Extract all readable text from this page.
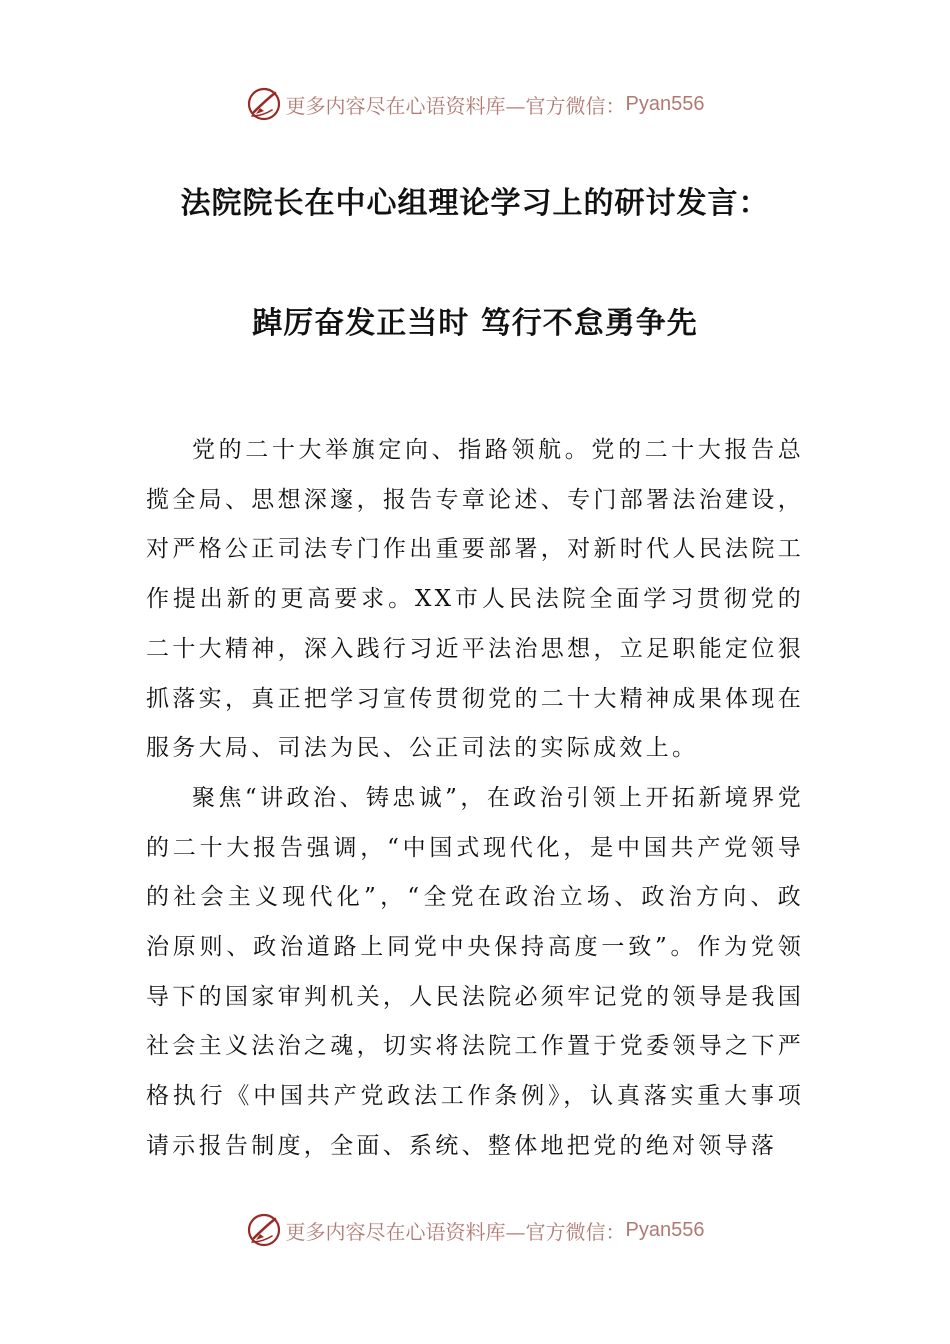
更多内容尽在心语资料库—官方微信： Pyan556
法院院长在中心组理论学习上的研讨发言：
踔厉奋发正当时 笃行不怠勇争先

党的二十大举旗定向、指路领航。党的二十大报告总揽全局、思想深邃，报告专章论述、专门部署法治建设，对严格公正司法专门作出重要部署，对新时代人民法院工作提出新的更高要求。XX市人民法院全面学习贯彻党的二十大精神，深入践行习近平法治思想，立足职能定位狠抓落实，真正把学习宣传贯彻党的二十大精神成果体现在服务大局、司法为民、公正司法的实际成效上。

聚焦“讲政治、铸忠诚”，在政治引领上开拓新境界党的二十大报告强调，“中国式现代化，是中国共产党领导的社会主义现代化”，“全党在政治立场、政治方向、政治原则、政治道路上同党中央保持高度一致”。作为党领导下的国家审判机关，人民法院必须牢记党的领导是我国社会主义法治之魂，切实将法院工作置于党委领导之下严格执行《中国共产党政法工作条例》，认真落实重大事项请示报告制度，全面、系统、整体地把党的绝对领导落

更多内容尽在心语资料库—官方微信： Pyan556
